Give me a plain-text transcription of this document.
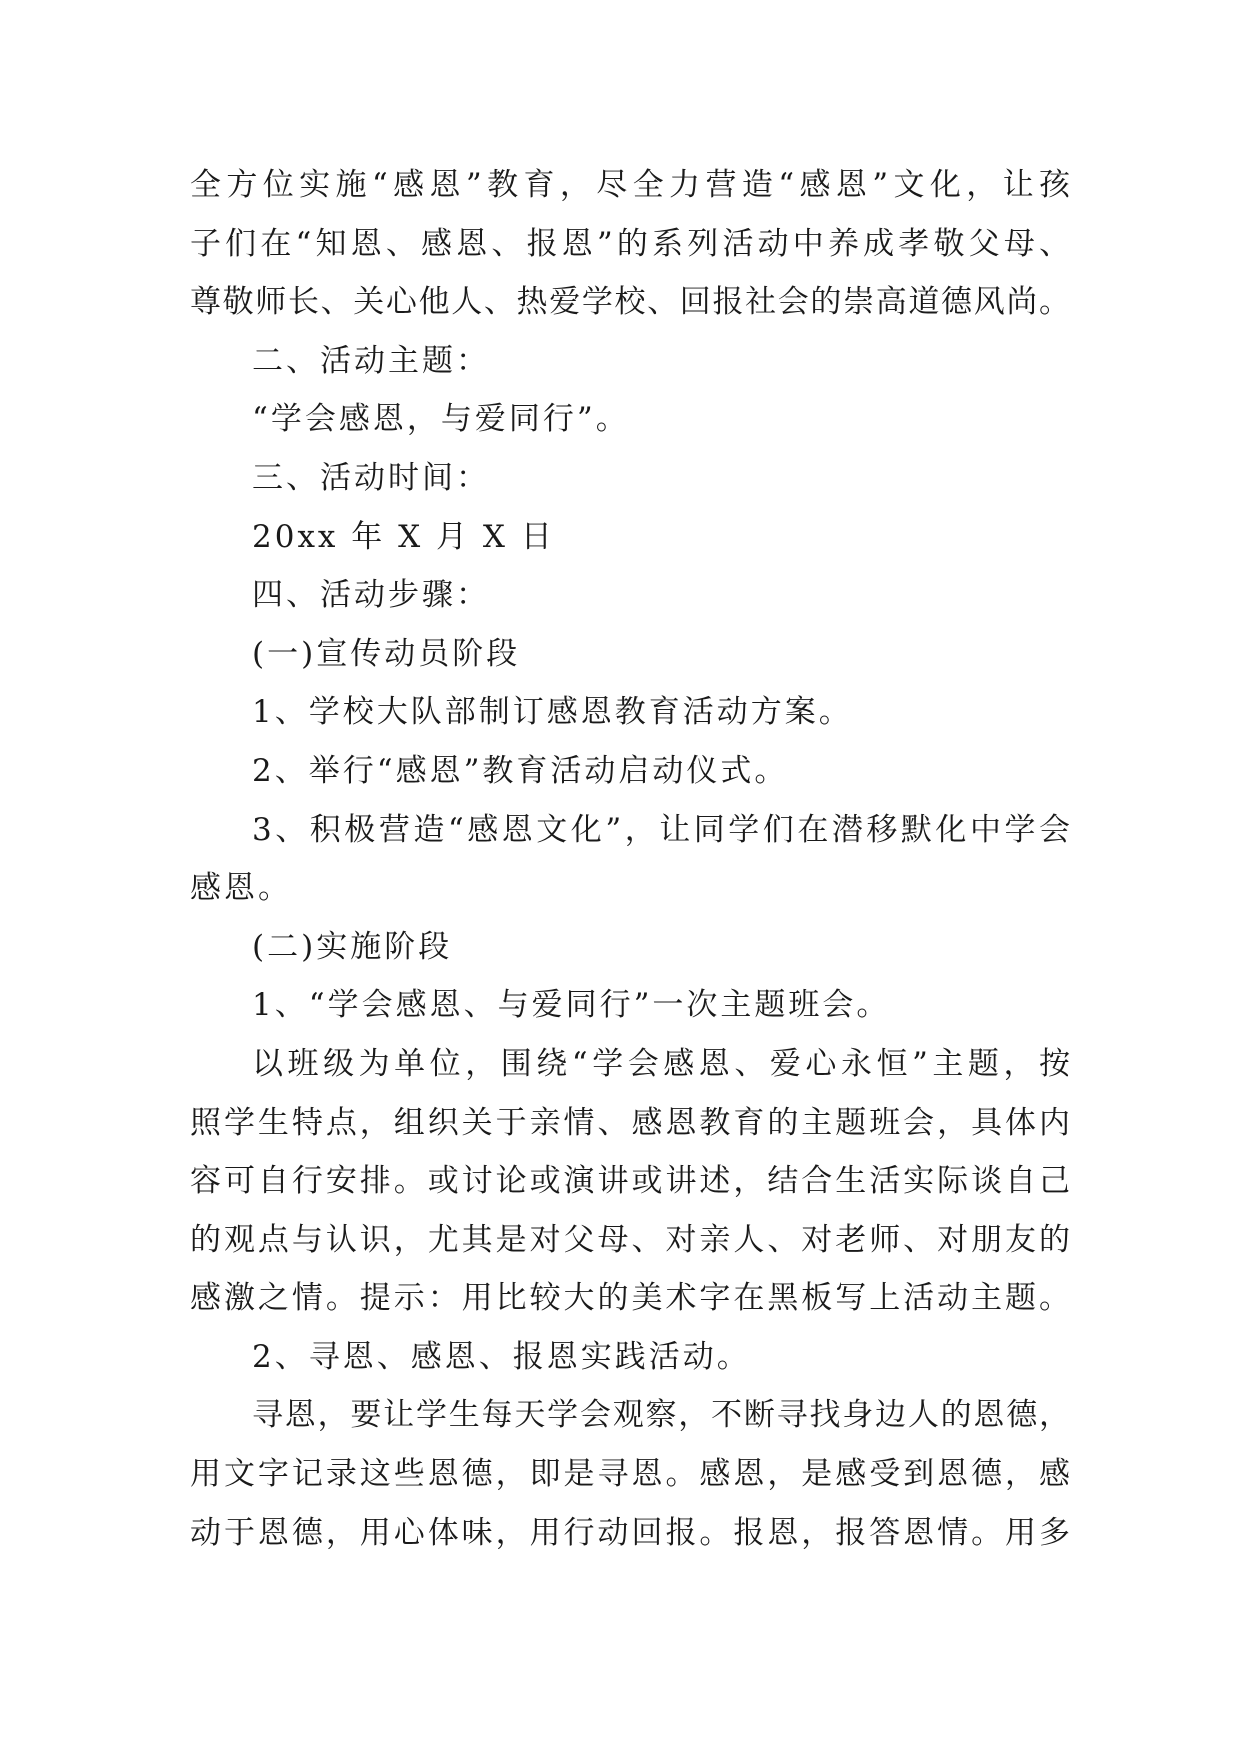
全方位实施“感恩”教育，尽全力营造“感恩”文化，让孩
子们在“知恩、感恩、报恩”的系列活动中养成孝敬父母、
尊敬师长、关心他人、热爱学校、回报社会的崇高道德风尚。
二、活动主题：
“学会感恩，与爱同行”。
三、活动时间：
20xx 年 X 月 X 日
四、活动步骤：
(一)宣传动员阶段
1、学校大队部制订感恩教育活动方案。
2、举行“感恩”教育活动启动仪式。
3、积极营造“感恩文化”，让同学们在潜移默化中学会
感恩。
(二)实施阶段
1、“学会感恩、与爱同行”一次主题班会。
以班级为单位，围绕“学会感恩、爱心永恒”主题，按
照学生特点，组织关于亲情、感恩教育的主题班会，具体内
容可自行安排。或讨论或演讲或讲述，结合生活实际谈自己
的观点与认识，尤其是对父母、对亲人、对老师、对朋友的
感激之情。提示：用比较大的美术字在黑板写上活动主题。
2、寻恩、感恩、报恩实践活动。
寻恩，要让学生每天学会观察，不断寻找身边人的恩德，
用文字记录这些恩德，即是寻恩。感恩，是感受到恩德，感
动于恩德，用心体味，用行动回报。报恩，报答恩情。用多
